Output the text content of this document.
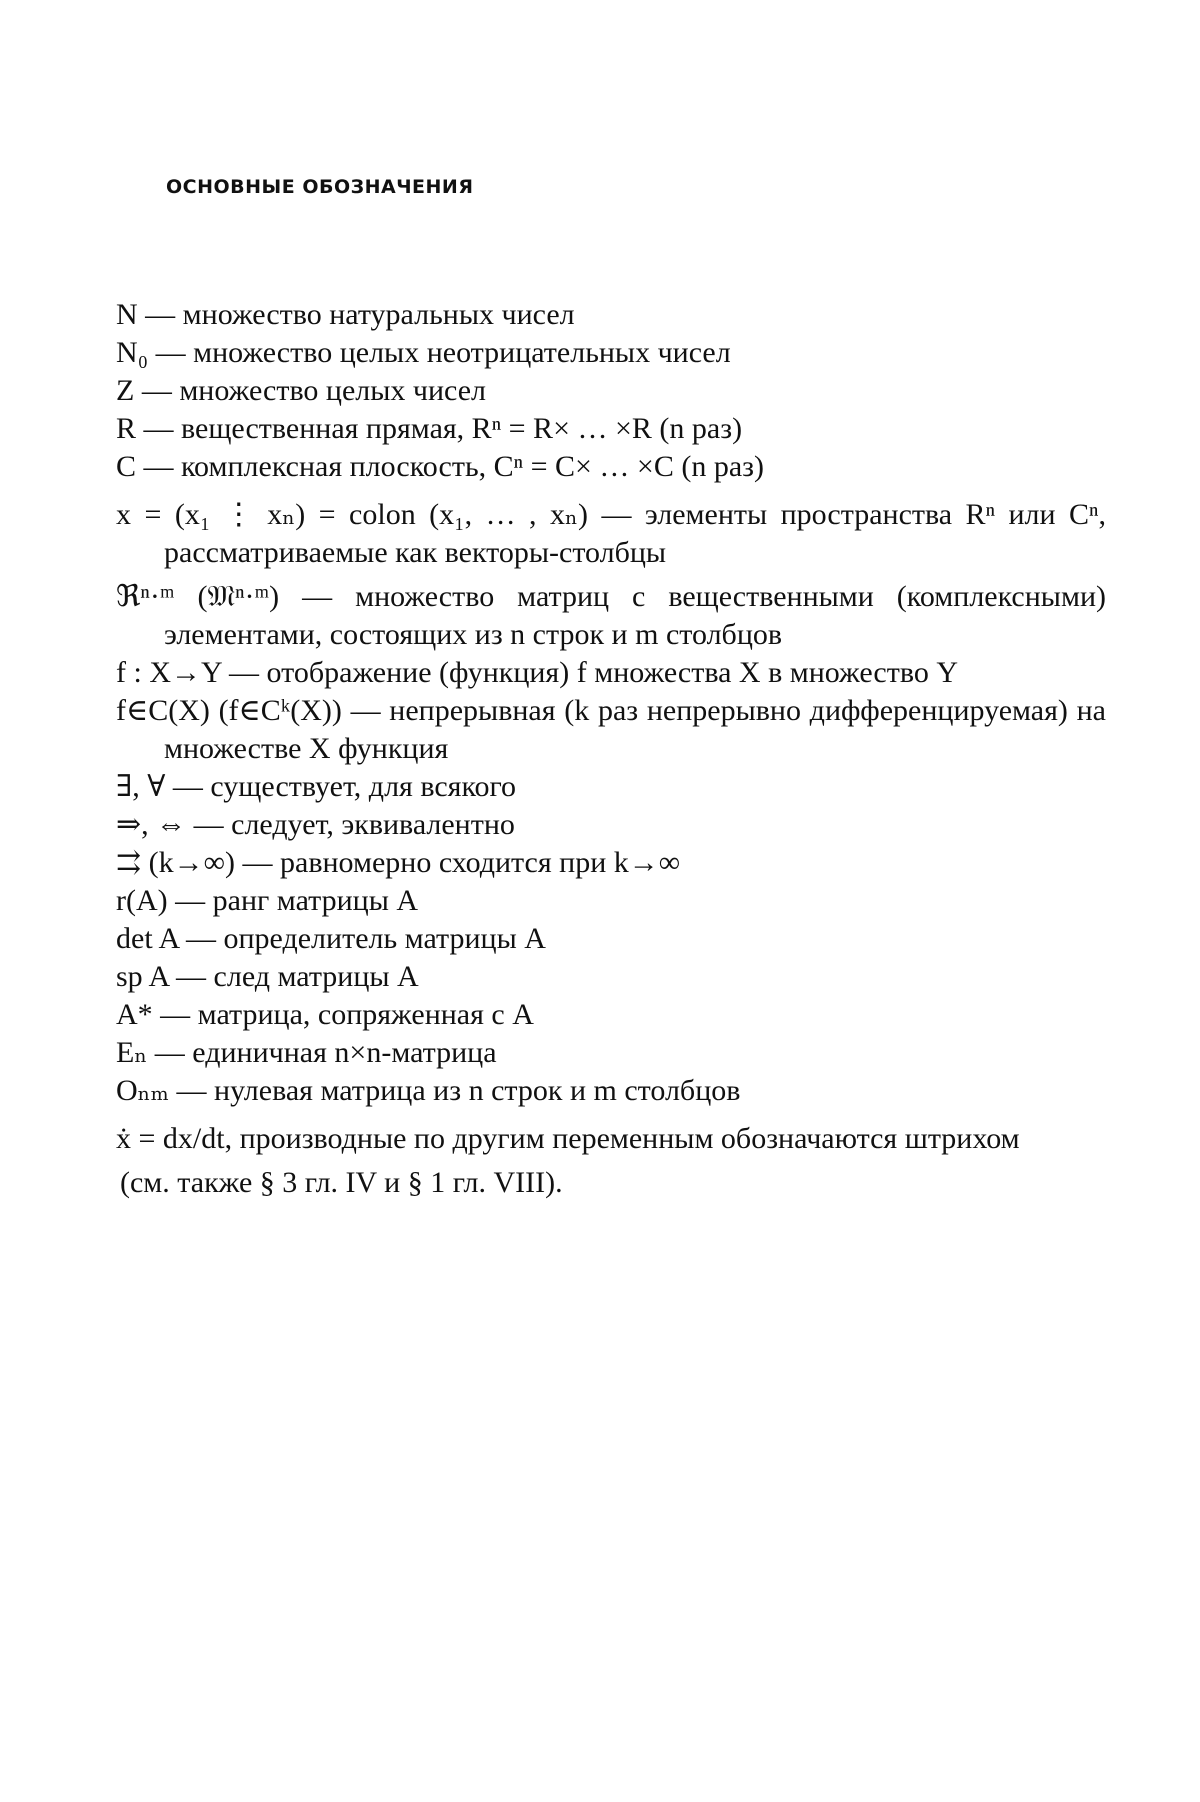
ОСНОВНЫЕ ОБОЗНАЧЕНИЯ
N — множество натуральных чисел
N₀ — множество целых неотрицательных чисел
Z — множество целых чисел
R — вещественная прямая, Rⁿ = R× … ×R (n раз)
C — комплексная плоскость, Cⁿ = C× … ×C (n раз)
x = (x₁ ⋮ xₙ) = colon (x₁, … , xₙ) — элементы пространства Rⁿ или Cⁿ, рассматриваемые как векторы-столбцы
ℜⁿ·ᵐ (𝔐ⁿ·ᵐ) — множество матриц с вещественными (комплексными) элементами, состоящих из n строк и m столбцов
f : X→Y — отображение (функция) f множества X в множество Y
f∈C(X) (f∈Cᵏ(X)) — непрерывная (k раз непрерывно дифференцируемая) на множестве X функция
∃, ∀ — существует, для всякого
⇒, ⇔ — следует, эквивалентно
⇉ (k→∞) — равномерно сходится при k→∞
r(A) — ранг матрицы A
det A — определитель матрицы A
sp A — след матрицы A
A* — матрица, сопряженная с A
Eₙ — единичная n×n-матрица
Oₙₘ — нулевая матрица из n строк и m столбцов
ẋ = dx/dt, производные по другим переменным обозначаются штрихом
(см. также § 3 гл. IV и § 1 гл. VIII).
